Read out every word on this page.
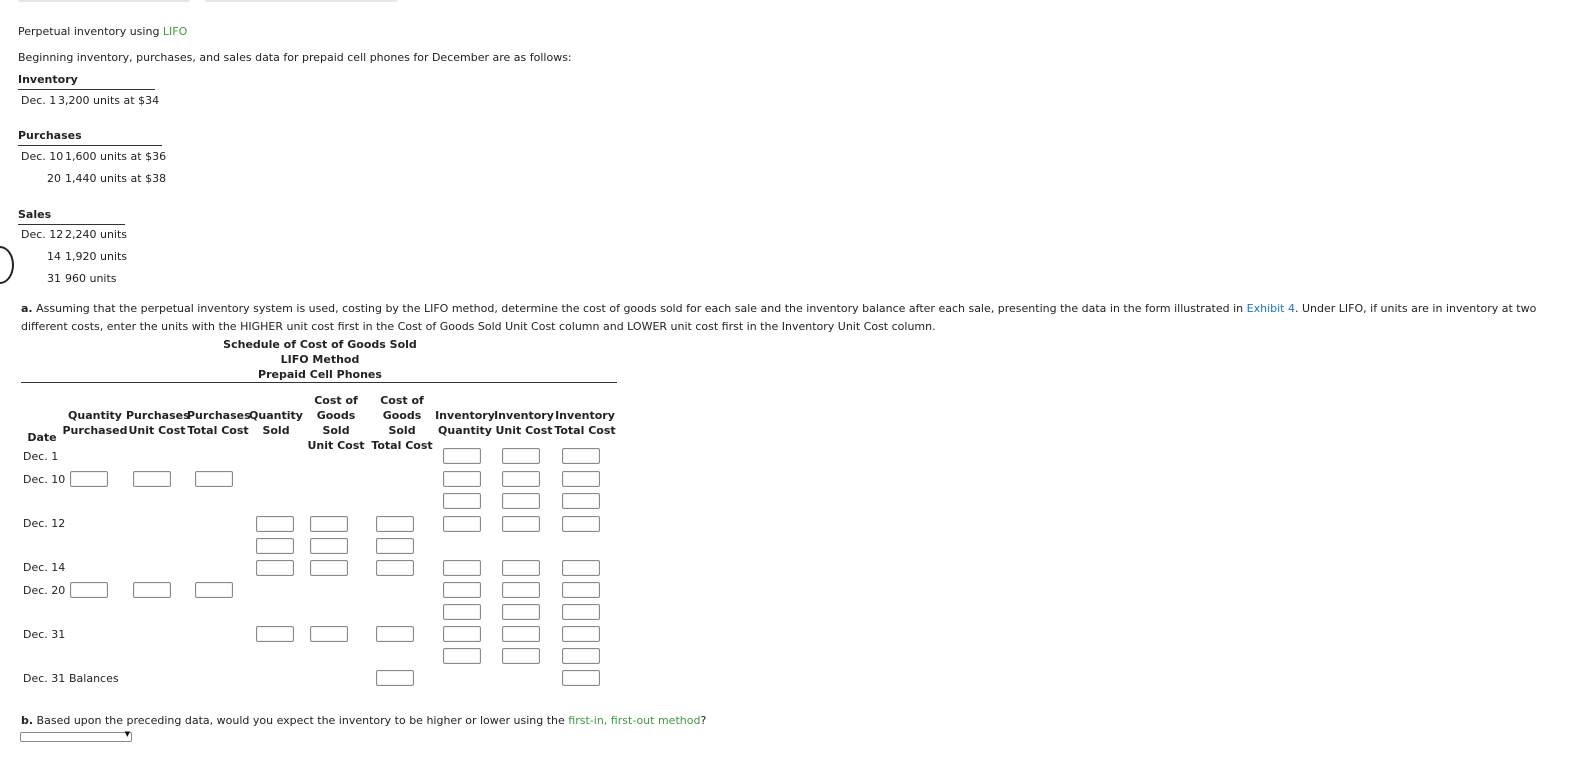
Perpetual inventory using LIFO
Beginning inventory, purchases, and sales data for prepaid cell phones for December are as follows:
Inventory
Dec. 1 3,200 units at $34
Purchases
Dec. 10 1,600 units at $36
20 1,440 units at $38
Sales
Dec. 12 2,240 units
14 1,920 units
31 960 units
a. Assuming that the perpetual inventory system is used, costing by the LIFO method, determine the cost of goods sold for each sale and the inventory balance after each sale, presenting the data in the form illustrated in Exhibit 4. Under LIFO, if units are in inventory at two different costs, enter the units with the HIGHER unit cost first in the Cost of Goods Sold Unit Cost column and LOWER unit cost first in the Inventory Unit Cost column.
Schedule of Cost of Goods Sold
LIFO Method
Prepaid Cell Phones
Date
Quantity
Purchased
Purchases
Unit Cost
Purchases
Total Cost
Quantity
Sold
Cost of
Goods Sold
Unit Cost
Cost of
Goods Sold
Total Cost
Inventory
Quantity
Inventory
Unit Cost
Inventory
Total Cost
Dec. 1
Dec. 10
Dec. 12
Dec. 14
Dec. 20
Dec. 31
Dec. 31 Balances
b. Based upon the preceding data, would you expect the inventory to be higher or lower using the first-in, first-out method?
▼
